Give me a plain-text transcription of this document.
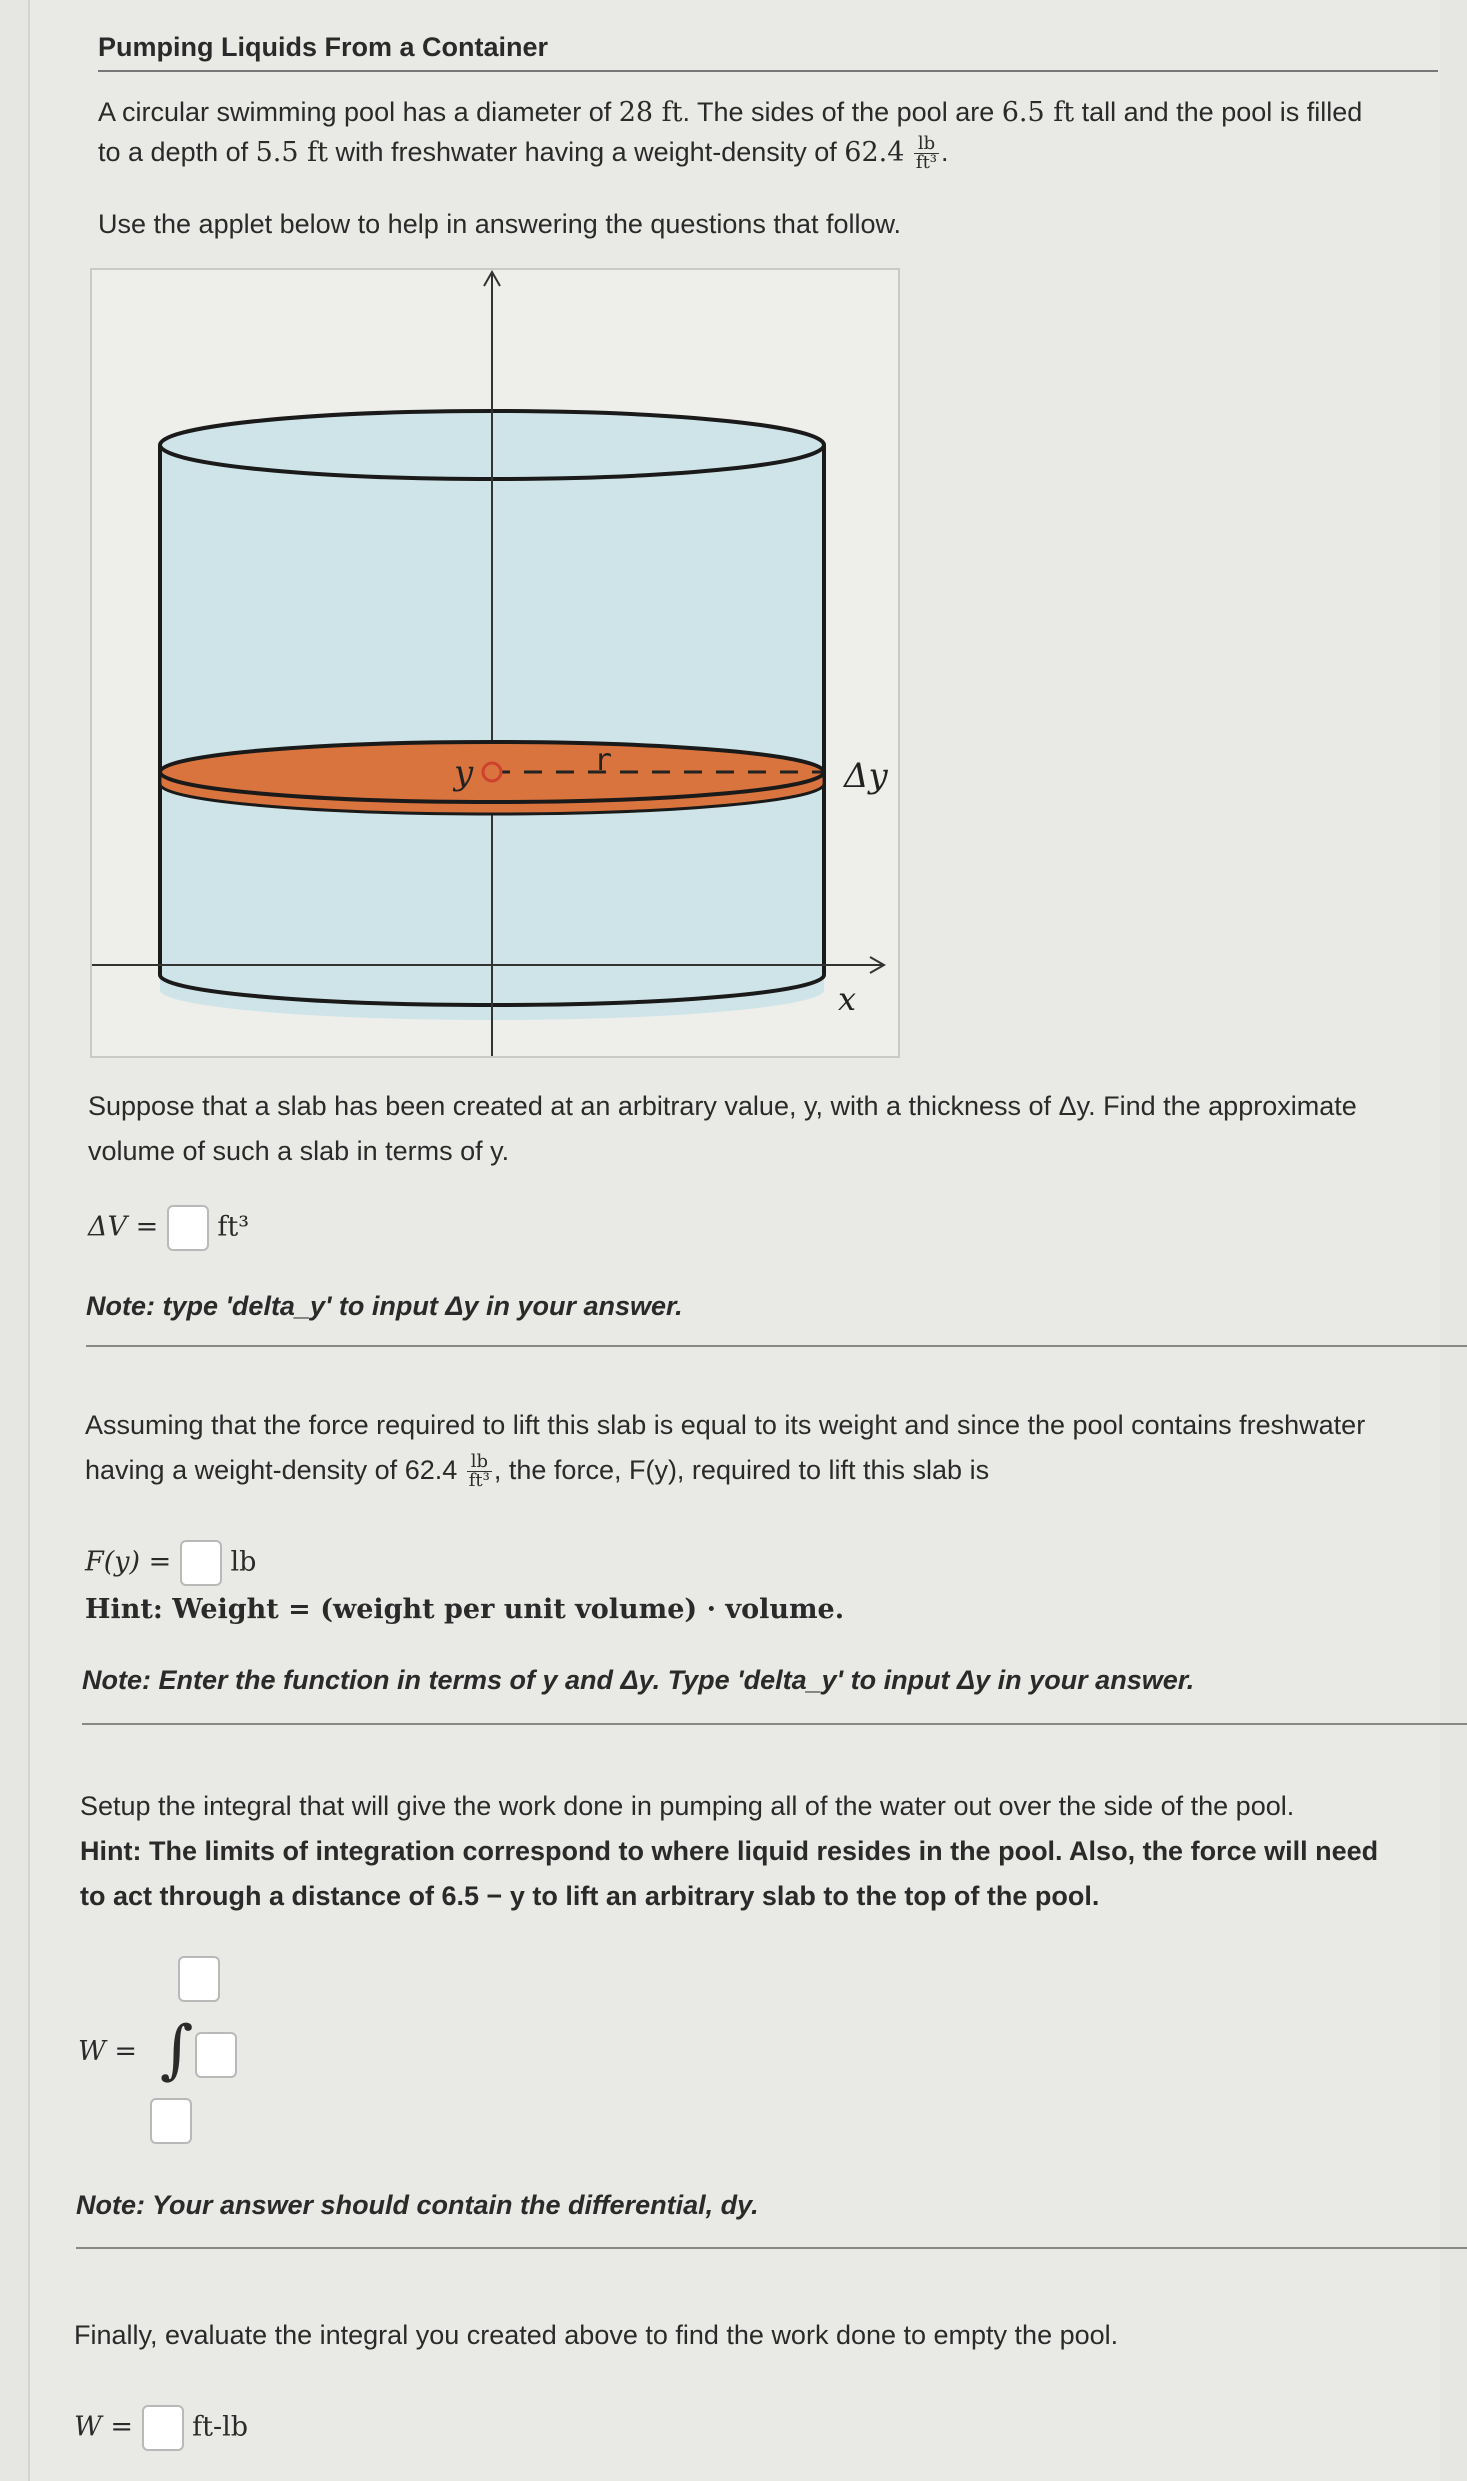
Pumping Liquids From a Container
A circular swimming pool has a diameter of 28 ft. The sides of the pool are 6.5 ft tall and the pool is filled
to a depth of 5.5 ft with freshwater having a weight-density of $62.4 \frac{lb}{\text{ft³}}$ .
Use the applet below to help in answering the questions that follow.
y	r	Δy
x
Suppose that a slab has been created at an arbitrary value, y, with a thickness of Δy. Find the approximate
volume of such a slab in terms of y.
ΔV = ft³
Note: type 'delta_y' to input Δy in your answer.
Assuming that the force required to lift this slab is equal to its weight and since the pool contains freshwater
having a weight-density of $62.4 \frac{lb}{\text{ft³}}$ , the force, F(y), required to lift this slab is
F(y) = lb
Hint: Weight = (weight per unit volume) · volume.
Note: Enter the function in terms of y and Δy. Type 'delta_y' to input Δy in your answer.
Setup the integral that will give the work done in pumping all of the water out over the side of the pool.
Hint: The limits of integration correspond to where liquid resides in the pool. Also, the force will need
to act through a distance of 6.5 − y to lift an arbitrary slab to the top of the pool.
W = ∫
Note: Your answer should contain the differential, dy.
Finally, evaluate the integral you created above to find the work done to empty the pool.
W = ft-lb
